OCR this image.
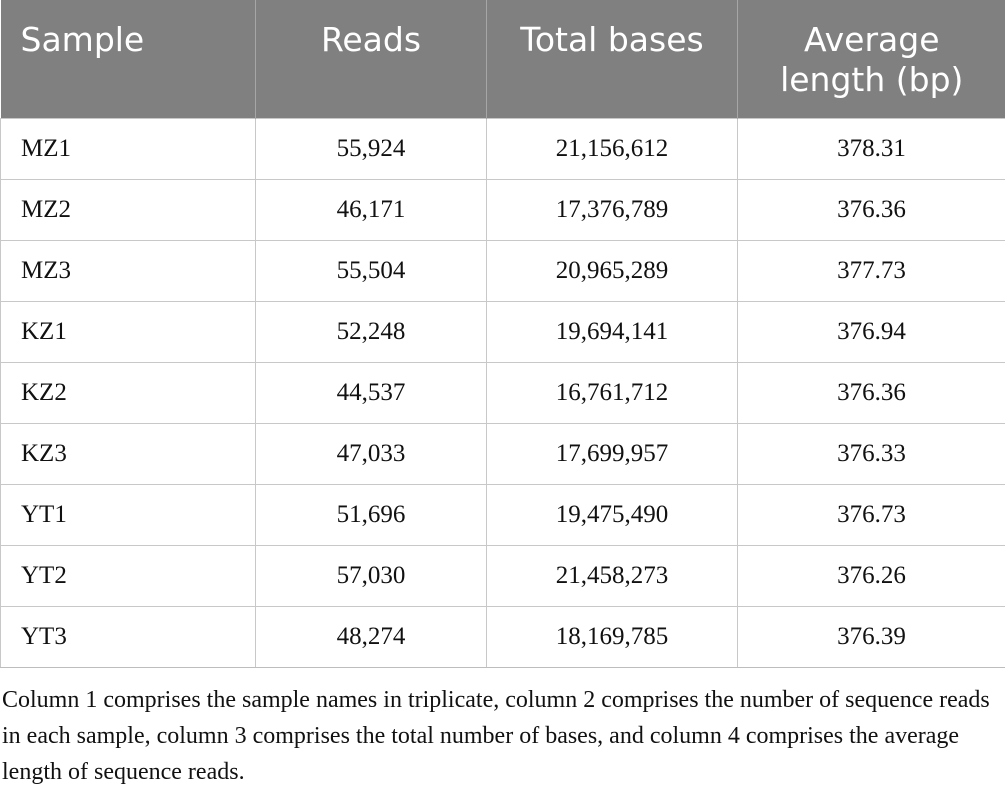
Sample	Reads	Total bases	Average
length (bp)
MZ1	55,924	21,156,612	378.31
MZ2	46,171	17,376,789	376.36
MZ3	55,504	20,965,289	377.73
KZ1	52,248	19,694,141	376.94
KZ2	44,537	16,761,712	376.36
KZ3	47,033	17,699,957	376.33
YT1	51,696	19,475,490	376.73
YT2	57,030	21,458,273	376.26
YT3	48,274	18,169,785	376.39

Column 1 comprises the sample names in triplicate, column 2 comprises the number of sequence reads in each sample, column 3 comprises the total number of bases, and column 4 comprises the average length of sequence reads.
